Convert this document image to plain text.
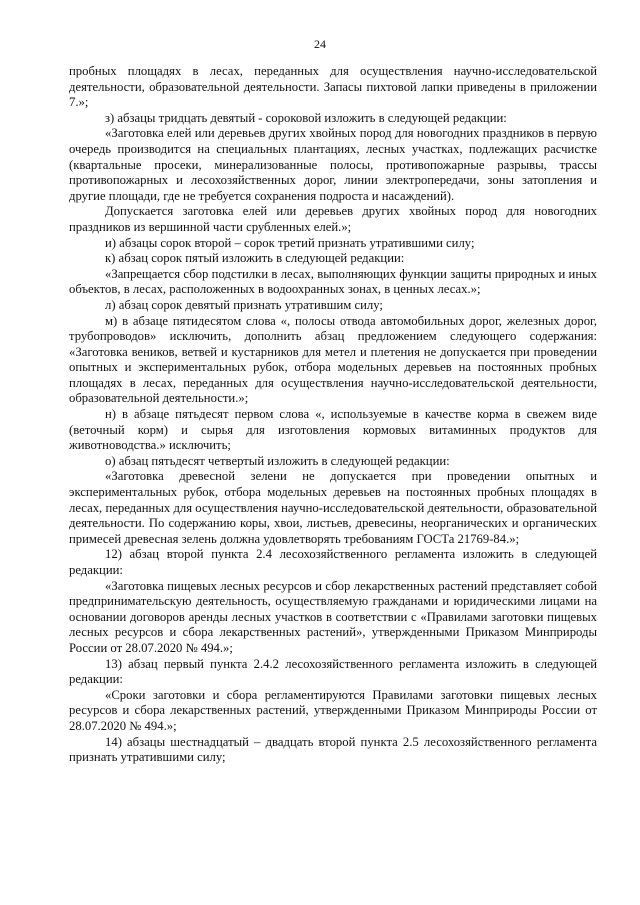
24

пробных площадях в лесах, переданных для осуществления научно-исследовательской деятельности, образовательной деятельности. Запасы пихтовой лапки приведены в приложении 7.»;

з) абзацы тридцать девятый - сороковой изложить в следующей редакции:

«Заготовка елей или деревьев других хвойных пород для новогодних праздников в первую очередь производится на специальных плантациях, лесных участках, подлежащих расчистке (квартальные просеки, минерализованные полосы, противопожарные разрывы, трассы противопожарных и лесохозяйственных дорог, линии электропередачи, зоны затопления и другие площади, где не требуется сохранения подроста и насаждений).

Допускается заготовка елей или деревьев других хвойных пород для новогодних праздников из вершинной части срубленных елей.»;

и) абзацы сорок второй – сорок третий признать утратившими силу;

к) абзац сорок пятый изложить в следующей редакции:

«Запрещается сбор подстилки в лесах, выполняющих функции защиты природных и иных объектов, в лесах, расположенных в водоохранных зонах, в ценных лесах.»;

л) абзац сорок девятый признать утратившим силу;

м) в абзаце пятидесятом слова «, полосы отвода автомобильных дорог, железных дорог, трубопроводов» исключить, дополнить абзац предложением следующего содержания: «Заготовка веников, ветвей и кустарников для метел и плетения не допускается при проведении опытных и экспериментальных рубок, отбора модельных деревьев на постоянных пробных площадях в лесах, переданных для осуществления научно-исследовательской деятельности, образовательной деятельности.»;

н) в абзаце пятьдесят первом слова «, используемые в качестве корма в свежем виде (веточный корм) и сырья для изготовления кормовых витаминных продуктов для животноводства.» исключить;

о) абзац пятьдесят четвертый изложить в следующей редакции:

«Заготовка древесной зелени не допускается при проведении опытных и экспериментальных рубок, отбора модельных деревьев на постоянных пробных площадях в лесах, переданных для осуществления научно-исследовательской деятельности, образовательной деятельности. По содержанию коры, хвои, листьев, древесины, неорганических и органических примесей древесная зелень должна удовлетворять требованиям ГОСТа 21769-84.»;

12) абзац второй пункта 2.4 лесохозяйственного регламента изложить в следующей редакции:

«Заготовка пищевых лесных ресурсов и сбор лекарственных растений представляет собой предпринимательскую деятельность, осуществляемую гражданами и юридическими лицами на основании договоров аренды лесных участков в соответствии с «Правилами заготовки пищевых лесных ресурсов и сбора лекарственных растений», утвержденными Приказом Минприроды России от 28.07.2020 № 494.»;

13) абзац первый пункта 2.4.2 лесохозяйственного регламента изложить в следующей редакции:

«Сроки заготовки и сбора регламентируются Правилами заготовки пищевых лесных ресурсов и сбора лекарственных растений, утвержденными Приказом Минприроды России от 28.07.2020 № 494.»;

14) абзацы шестнадцатый – двадцать второй пункта 2.5 лесохозяйственного регламента признать утратившими силу;
